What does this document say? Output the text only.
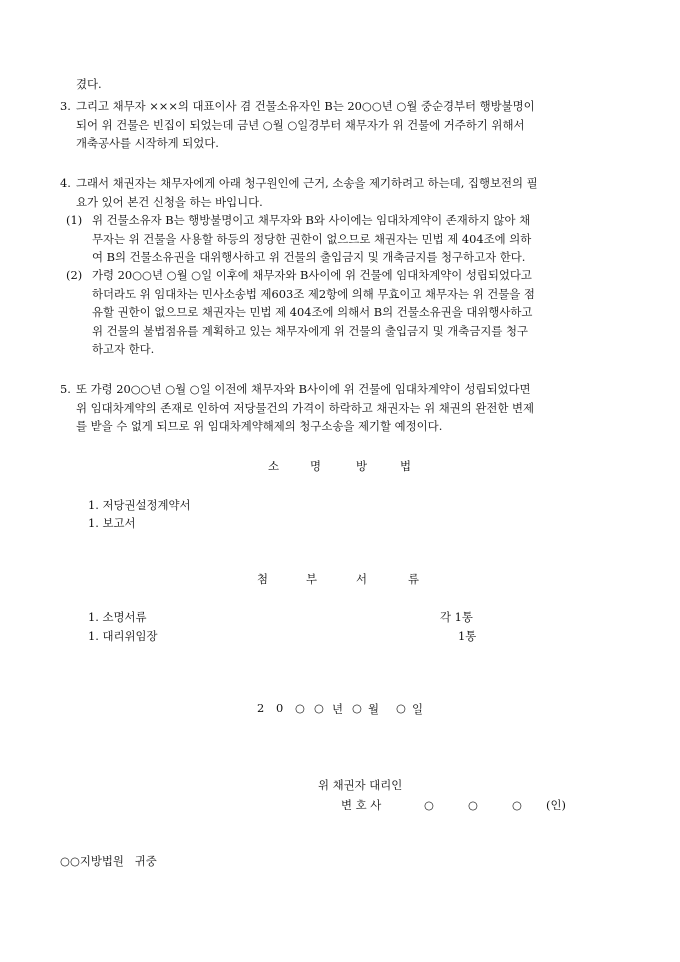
겼다.
3. 그리고 채무자 ×××의 대표이사 겸 건물소유자인 B는 20○○년 ○월 중순경부터 행방불명이
되어 위 건물은 빈집이 되었는데 금년 ○월 ○일경부터 채무자가 위 건물에 거주하기 위해서
개축공사를 시작하게 되었다.
4. 그래서 채권자는 채무자에게 아래 청구원인에 근거, 소송을 제기하려고 하는데, 집행보전의 필
요가 있어 본건 신청을 하는 바입니다.
(1) 위 건물소유자 B는 행방불명이고 채무자와 B와 사이에는 임대차계약이 존재하지 않아 채
무자는 위 건물을 사용할 하등의 정당한 권한이 없으므로 채권자는 민법 제 404조에 의하
여 B의 건물소유권을 대위행사하고 위 건물의 출입금지 및 개축금지를 청구하고자 한다.
(2) 가령 20○○년 ○월 ○일 이후에 채무자와 B사이에 위 건물에 임대차계약이 성립되었다고
하더라도 위 임대차는 민사소송법 제603조 제2항에 의해 무효이고 채무자는 위 건물을 점
유할 권한이 없으므로 채권자는 민법 제 404조에 의해서 B의 건물소유권을 대위행사하고
위 건물의 불법점유를 계획하고 있는 채무자에게 위 건물의 출입금지 및 개축금지를 청구
하고자 한다.
5. 또 가령 20○○년 ○월 ○일 이전에 채무자와 B사이에 위 건물에 임대차계약이 성립되었다면
위 임대차계약의 존재로 인하여 저당물건의 가격이 하락하고 채권자는 위 채권의 완전한 변제
를 받을 수 없게 되므로 위 임대차계약해제의 청구소송을 제기할 예정이다.
소	명	방	법
1. 저당권설정계약서
1. 보고서
첨	부	서	류
1. 소명서류	각 1통
1. 대리위임장	1통
2 0 ○ ○ 년 ○ 월 ○ 일
위 채권자 대리인
변 호 사	○	○	○ (인)
○○지방법원   귀중
